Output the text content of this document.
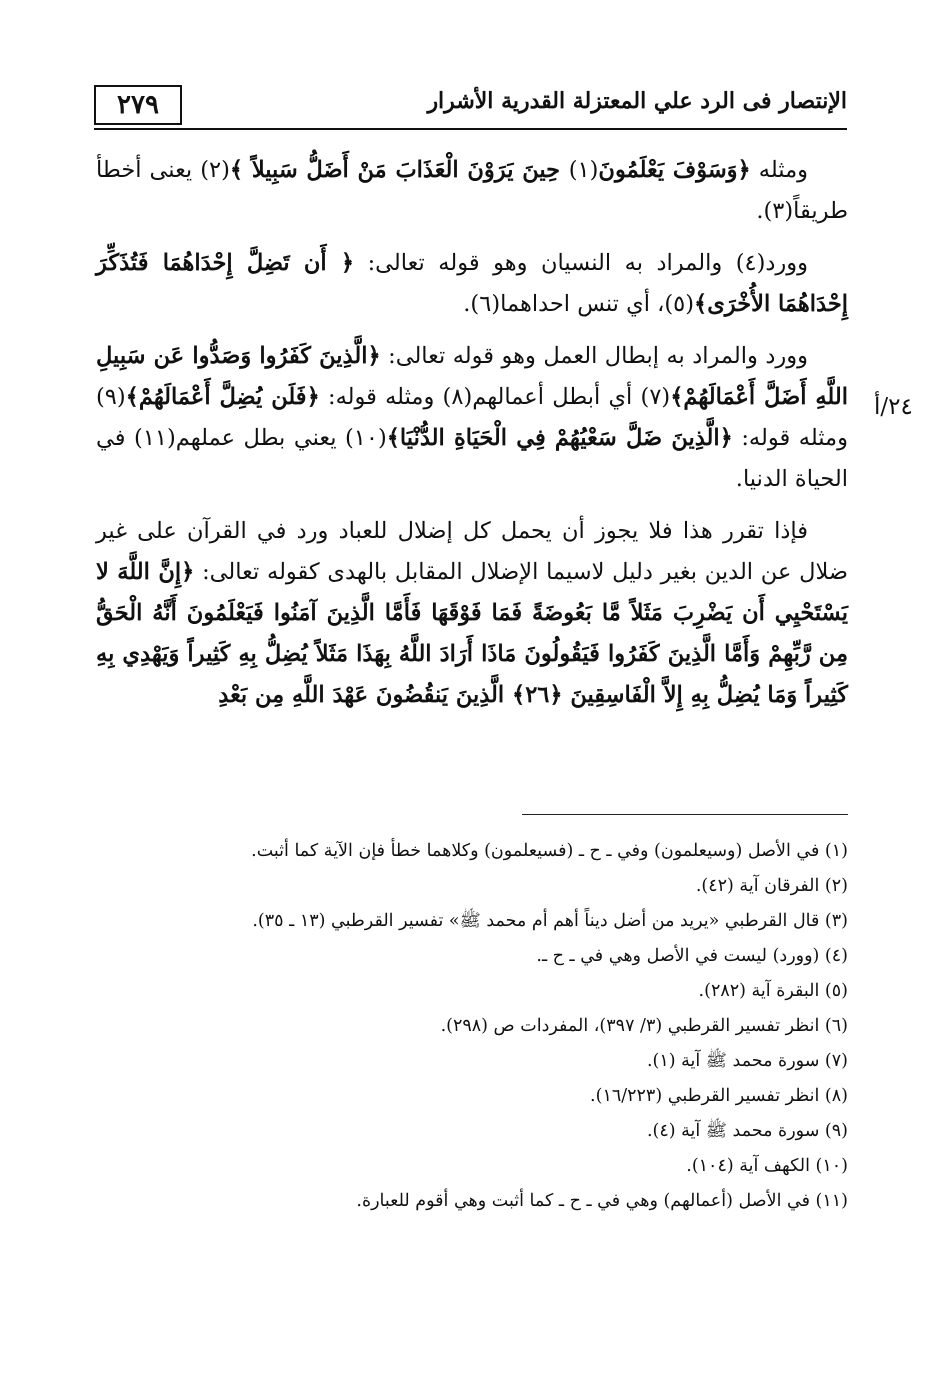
٢٧٩	الإنتصار فى الرد علي المعتزلة القدرية الأشرار
٢٤/أ

ومثله ﴿وَسَوْفَ يَعْلَمُونَ(١) حِينَ يَرَوْنَ الْعَذَابَ مَنْ أَضَلُّ سَبِيلاً ﴾(٢) يعنى أخطأ طريقاً(٣).

وورد(٤) والمراد به النسيان وهو قوله تعالى: ﴿ أَن تَضِلَّ إِحْدَاهُمَا فَتُذَكِّرَ إِحْدَاهُمَا الأُخْرَى﴾(٥)، أي تنس احداهما(٦).

وورد والمراد به إبطال العمل وهو قوله تعالى: ﴿الَّذِينَ كَفَرُوا وَصَدُّوا عَن سَبِيلِ اللَّهِ أَضَلَّ أَعْمَالَهُمْ﴾(٧) أي أبطل أعمالهم(٨) ومثله قوله: ﴿فَلَن يُضِلَّ أَعْمَالَهُمْ﴾(٩) ومثله قوله: ﴿الَّذِينَ ضَلَّ سَعْيُهُمْ فِي الْحَيَاةِ الدُّنْيَا﴾(١٠) يعني بطل عملهم(١١) في الحياة الدنيا.

فإذا تقرر هذا فلا يجوز أن يحمل كل إضلال للعباد ورد في القرآن على غير ضلال عن الدين بغير دليل لاسيما الإضلال المقابل بالهدى كقوله تعالى: ﴿إِنَّ اللَّهَ لا يَسْتَحْيِي أَن يَضْرِبَ مَثَلاً مَّا بَعُوضَةً فَمَا فَوْقَهَا فَأَمَّا الَّذِينَ آمَنُوا فَيَعْلَمُونَ أَنَّهُ الْحَقُّ مِن رَّبِّهِمْ وَأَمَّا الَّذِينَ كَفَرُوا فَيَقُولُونَ مَاذَا أَرَادَ اللَّهُ بِهَذَا مَثَلاً يُضِلُّ بِهِ كَثِيراً وَيَهْدِي بِهِ كَثِيراً وَمَا يُضِلُّ بِهِ إِلاَّ الْفَاسِقِينَ ﴿٢٦﴾ الَّذِينَ يَنقُضُونَ عَهْدَ اللَّهِ مِن بَعْدِ

(١) في الأصل (وسيعلمون) وفي ـ ح ـ (فسيعلمون) وكلاهما خطأ فإن الآية كما أثبت.
(٢) الفرقان آية (٤٢).
(٣) قال القرطبي «يريد من أضل ديناً أهم أم محمد ﷺ» تفسير القرطبي (١٣ ـ ٣٥).
(٤) (وورد) ليست في الأصل وهي في ـ ح ـ.
(٥) البقرة آية (٢٨٢).
(٦) انظر تفسير القرطبي (٣/ ٣٩٧)، المفردات ص (٢٩٨).
(٧) سورة محمد ﷺ آية (١).
(٨) انظر تفسير القرطبي (١٦/٢٢٣).
(٩) سورة محمد ﷺ آية (٤).
(١٠) الكهف آية (١٠٤).
(١١) في الأصل (أعمالهم) وهي في ـ ح ـ كما أثبت وهي أقوم للعبارة.
